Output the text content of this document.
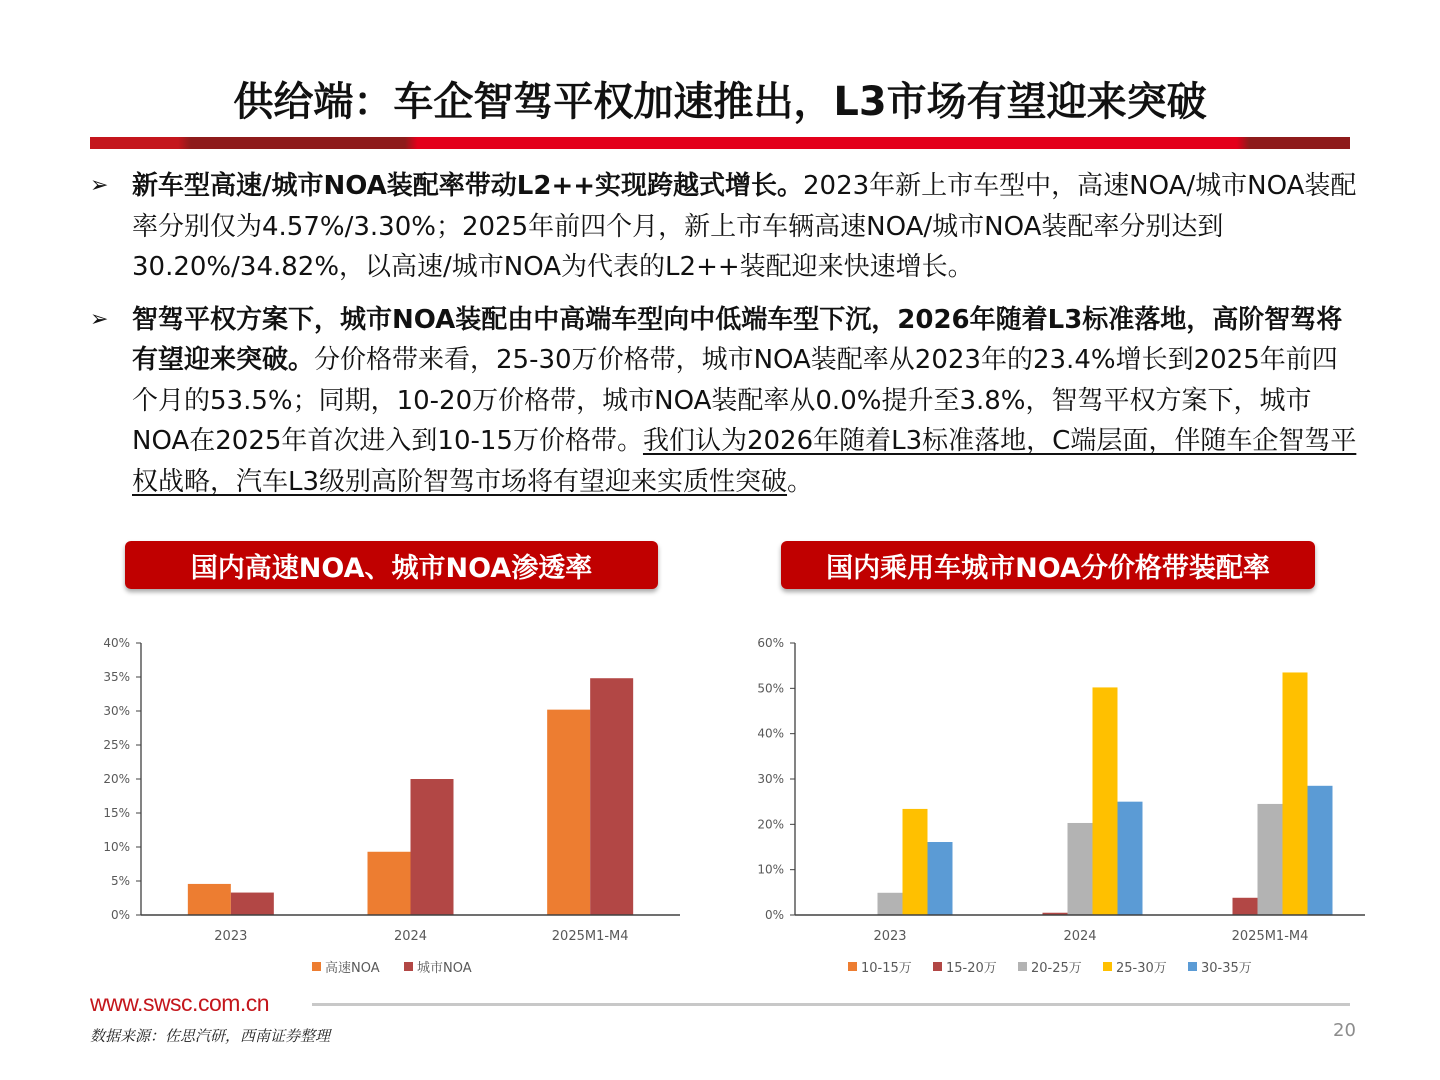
供给端：车企智驾平权加速推出，L3市场有望迎来突破
➢ 新车型高速/城市NOA装配率带动L2++实现跨越式增长。2023年新上市车型中，高速NOA/城市NOA装配率分别仅为4.57%/3.30%；2025年前四个月，新上市车辆高速NOA/城市NOA装配率分别达到30.20%/34.82%，以高速/城市NOA为代表的L2++装配迎来快速增长。
➢ 智驾平权方案下，城市NOA装配由中高端车型向中低端车型下沉，2026年随着L3标准落地，高阶智驾将有望迎来突破。分价格带来看，25-30万价格带，城市NOA装配率从2023年的23.4%增长到2025年前四个月的53.5%；同期，10-20万价格带，城市NOA装配率从0.0%提升至3.8%，智驾平权方案下，城市NOA在2025年首次进入到10-15万价格带。我们认为2026年随着L3标准落地，C端层面，伴随车企智驾平权战略，汽车L3级别高阶智驾市场将有望迎来实质性突破。
国内高速NOA、城市NOA渗透率	国内乘用车城市NOA分价格带装配率
0%
5%
10%
15%
20%
25%
30%
35%
40%
2023	2024	2025M1-M4
高速NOA	城市NOA
0%
10%
20%
30%
40%
50%
60%
2023	2024	2025M1-M4
10-15万	15-20万	20-25万	25-30万	30-35万
www.swsc.com.cn
数据来源：佐思汽研，西南证券整理	20
